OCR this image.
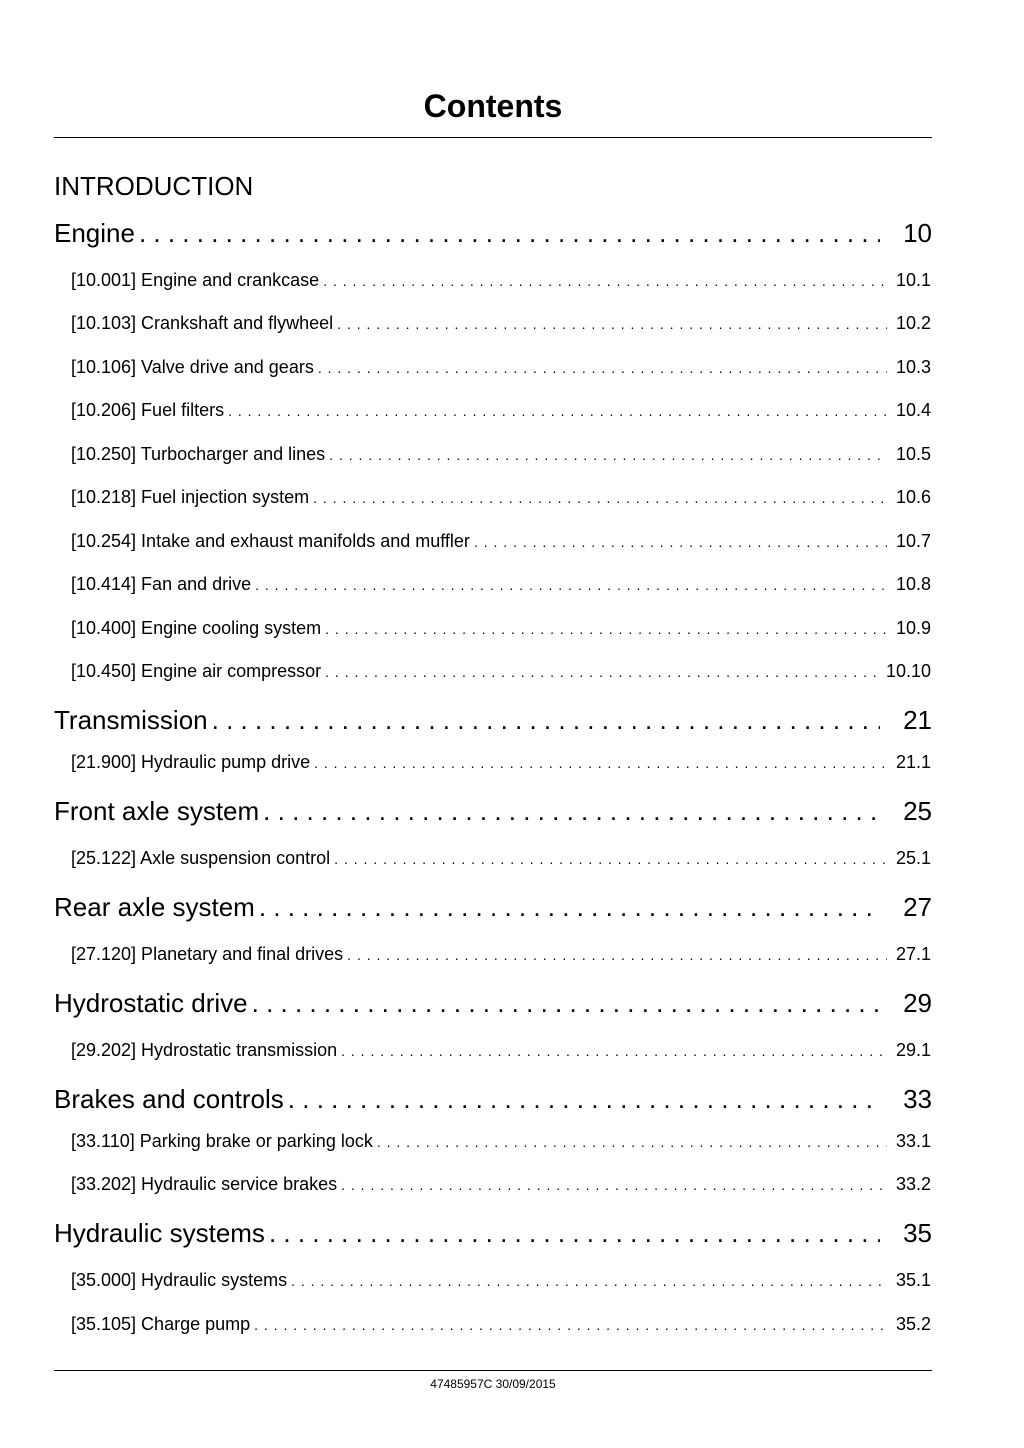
Contents
INTRODUCTION
Engine . . .	10
[10.001] Engine and crankcase . . .	10.1
[10.103] Crankshaft and flywheel . . .	10.2
[10.106] Valve drive and gears . . .	10.3
[10.206] Fuel filters . . .	10.4
[10.250] Turbocharger and lines . . .	10.5
[10.218] Fuel injection system . . .	10.6
[10.254] Intake and exhaust manifolds and muffler . . .	10.7
[10.414] Fan and drive . . .	10.8
[10.400] Engine cooling system . . .	10.9
[10.450] Engine air compressor . . .	10.10
Transmission . . .	21
[21.900] Hydraulic pump drive . . .	21.1
Front axle system . . .	25
[25.122] Axle suspension control . . .	25.1
Rear axle system . . .	27
[27.120] Planetary and final drives . . .	27.1
Hydrostatic drive . . .	29
[29.202] Hydrostatic transmission . . .	29.1
Brakes and controls . . .	33
[33.110] Parking brake or parking lock . . .	33.1
[33.202] Hydraulic service brakes . . .	33.2
Hydraulic systems . . .	35
[35.000] Hydraulic systems . . .	35.1
[35.105] Charge pump . . .	35.2
47485957C 30/09/2015
